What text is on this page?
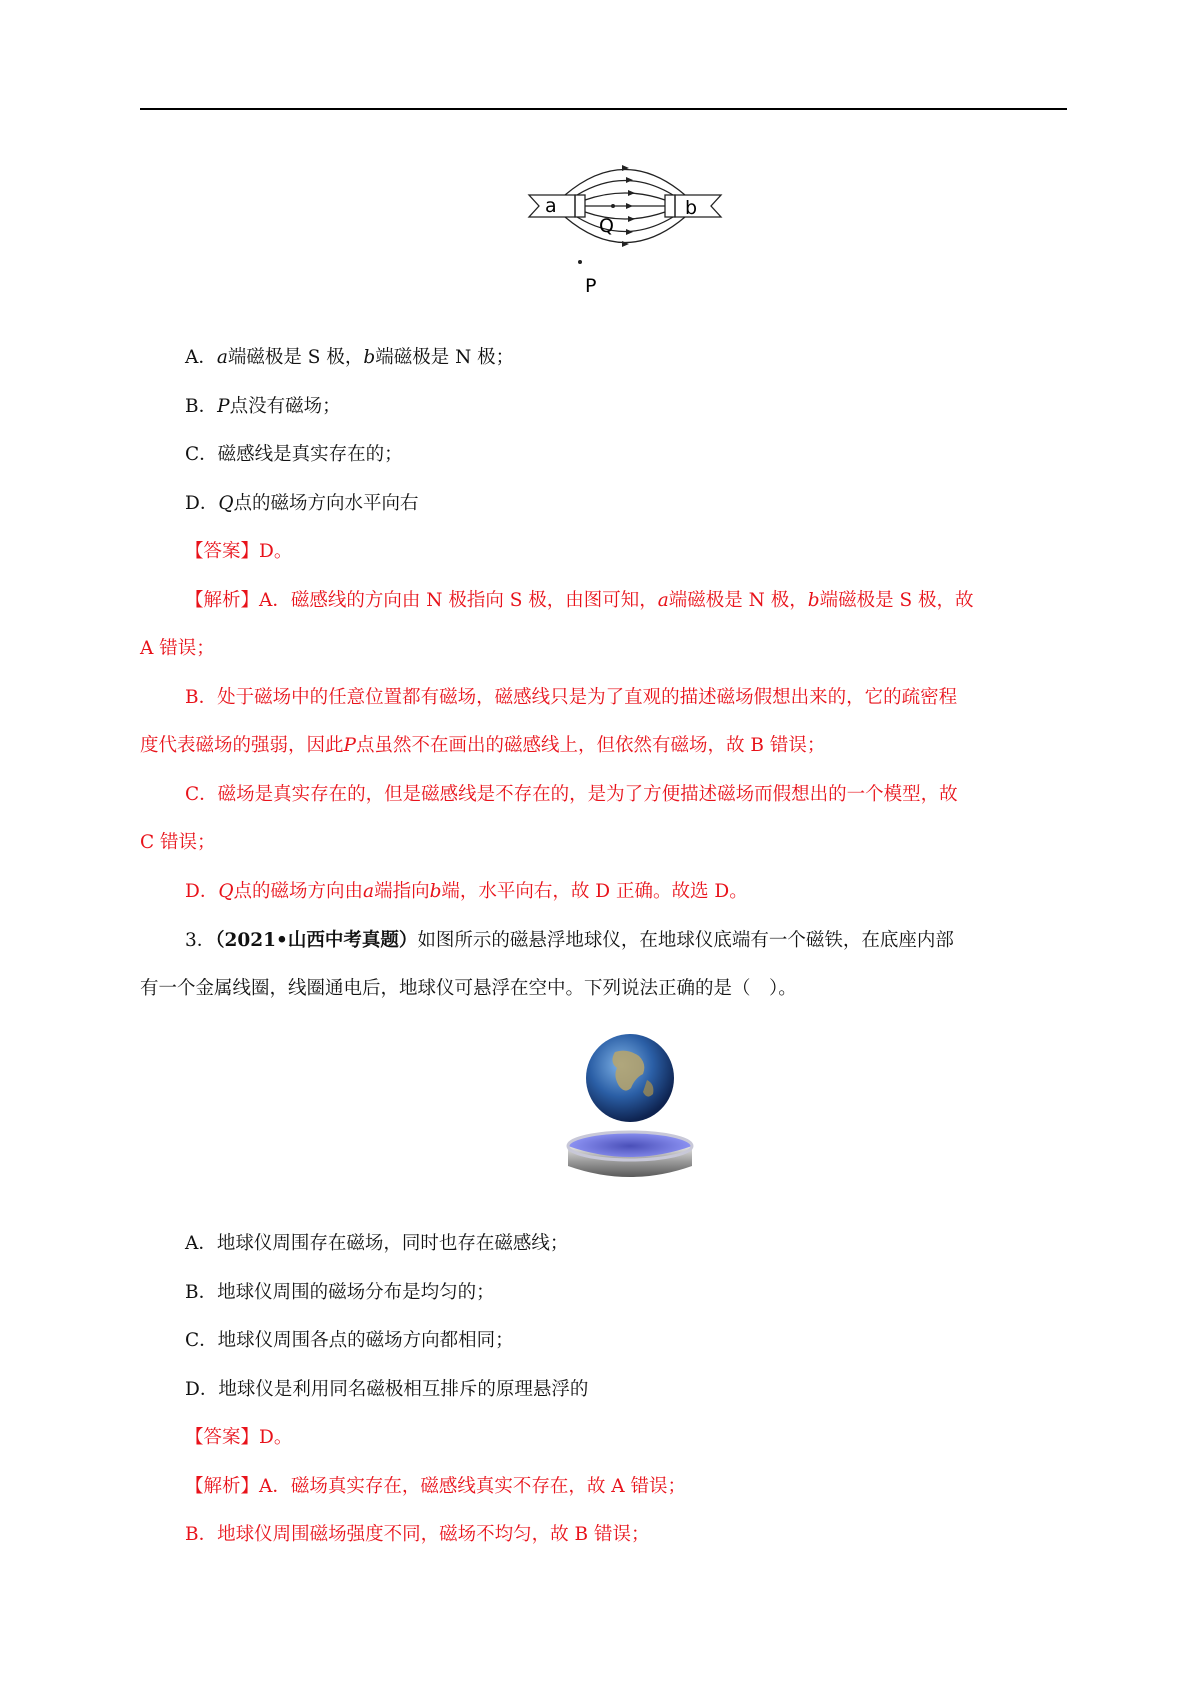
a	b
Q
P
A．a端磁极是 S 极，b端磁极是 N 极；
B．P点没有磁场；
C．磁感线是真实存在的；
D．Q点的磁场方向水平向右
【答案】D。
【解析】A．磁感线的方向由 N 极指向 S 极，由图可知，a端磁极是 N 极，b端磁极是 S 极，故
A 错误；
B．处于磁场中的任意位置都有磁场，磁感线只是为了直观的描述磁场假想出来的，它的疏密程
度代表磁场的强弱，因此P点虽然不在画出的磁感线上，但依然有磁场，故 B 错误；
C．磁场是真实存在的，但是磁感线是不存在的，是为了方便描述磁场而假想出的一个模型，故
C 错误；
D．Q点的磁场方向由a端指向b端，水平向右，故 D 正确。故选 D。
3．（2021•山西中考真题）如图所示的磁悬浮地球仪，在地球仪底端有一个磁铁，在底座内部
有一个金属线圈，线圈通电后，地球仪可悬浮在空中。下列说法正确的是（　）。
A．地球仪周围存在磁场，同时也存在磁感线；
B．地球仪周围的磁场分布是均匀的；
C．地球仪周围各点的磁场方向都相同；
D．地球仪是利用同名磁极相互排斥的原理悬浮的
【答案】D。
【解析】A．磁场真实存在，磁感线真实不存在，故 A 错误；
B．地球仪周围磁场强度不同，磁场不均匀，故 B 错误；
